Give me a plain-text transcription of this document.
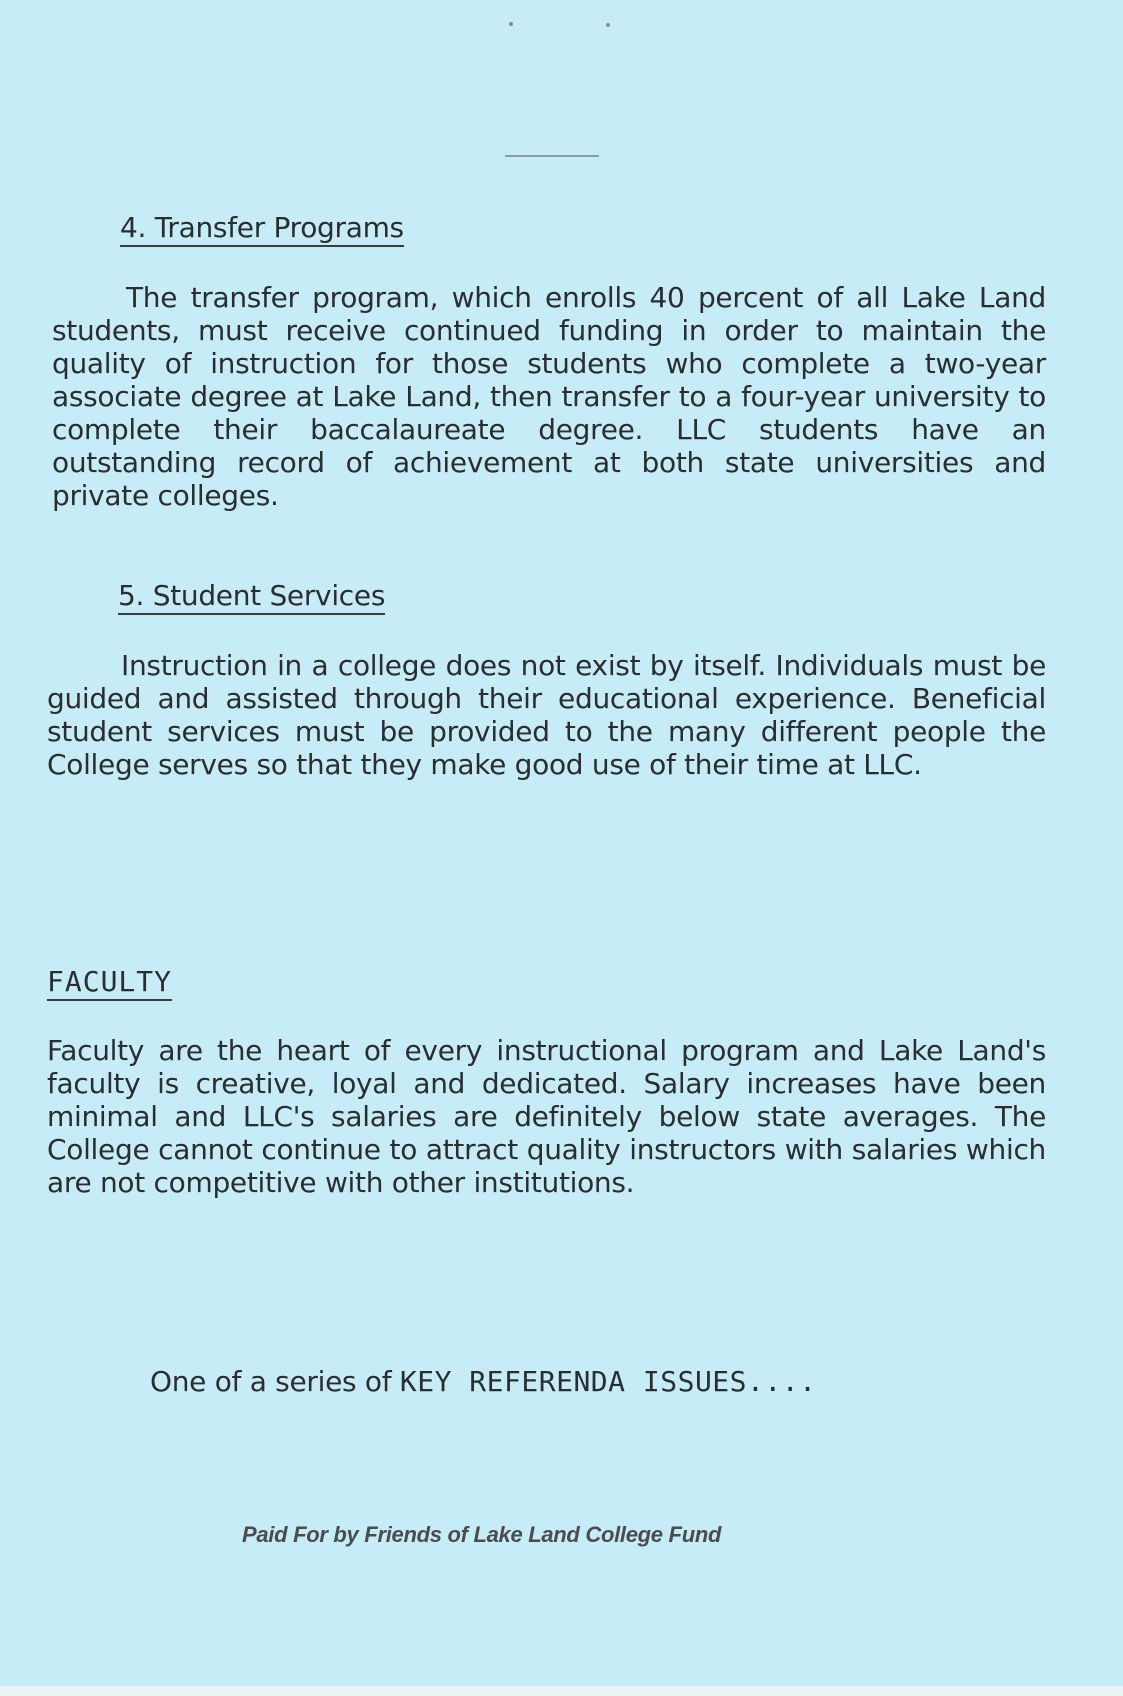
4. Transfer Programs

The transfer program, which enrolls 40 percent of all Lake Land students, must receive continued funding in order to maintain the quality of instruction for those students who complete a two-year associate degree at Lake Land, then transfer to a four-year university to complete their baccalaureate degree. LLC students have an outstanding record of achievement at both state universities and private colleges.

5. Student Services

Instruction in a college does not exist by itself. Individuals must be guided and assisted through their educational experience. Beneficial student services must be provided to the many different people the College serves so that they make good use of their time at LLC.

FACULTY

Faculty are the heart of every instructional program and Lake Land's faculty is creative, loyal and dedicated. Salary increases have been minimal and LLC's salaries are definitely below state averages. The College cannot continue to attract quality instructors with salaries which are not competitive with other institutions.

One of a series of KEY REFERENDA ISSUES....

Paid For by Friends of Lake Land College Fund
